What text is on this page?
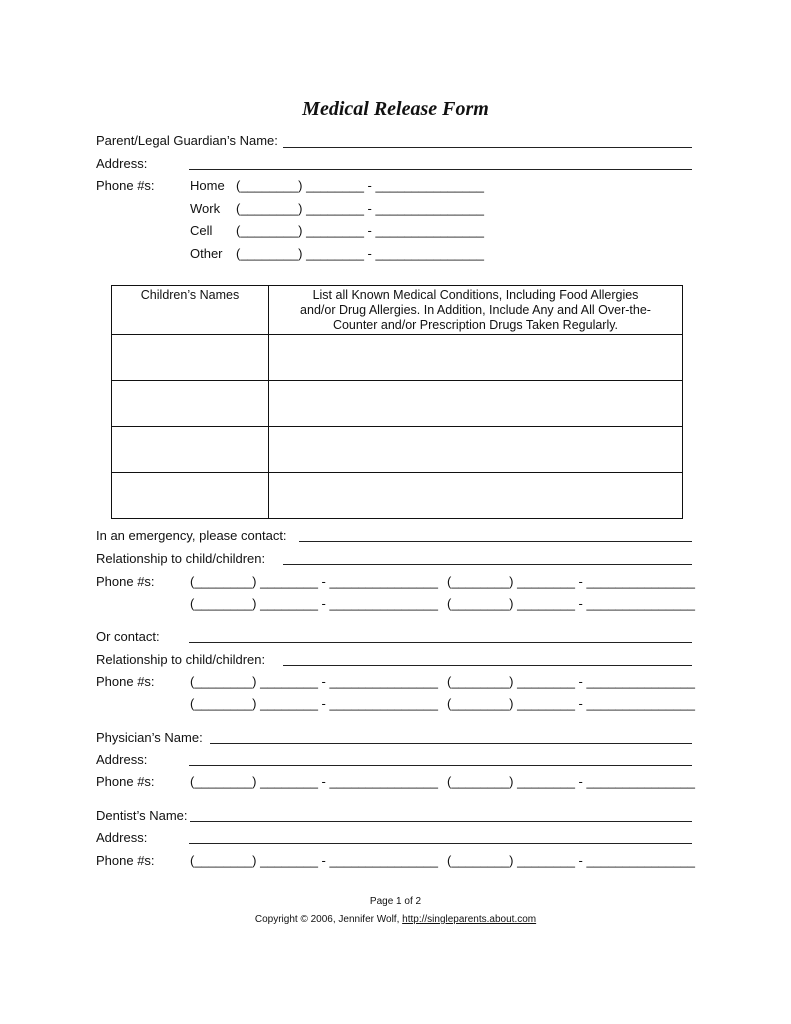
Medical Release Form
Parent/Legal Guardian’s Name:
Address:
Phone #s:	Home (________) ________ - _______________
Work (________) ________ - _______________
Cell (________) ________ - _______________
Other (________) ________ - _______________
Children’s Names	List all Known Medical Conditions, Including Food Allergies and/or Drug Allergies. In Addition, Include Any and All Over-the-Counter and/or Prescription Drugs Taken Regularly.

In an emergency, please contact:
Relationship to child/children:
Phone #s:	(________) ________ - _______________ (________) ________ - _______________
(________) ________ - _______________ (________) ________ - _______________
Or contact:
Relationship to child/children:
Phone #s:	(________) ________ - _______________ (________) ________ - _______________
(________) ________ - _______________ (________) ________ - _______________
Physician’s Name:
Address:
Phone #s:	(________) ________ - _______________ (________) ________ - _______________
Dentist’s Name:
Address:
Phone #s:	(________) ________ - _______________ (________) ________ - _______________
Page 1 of 2
Copyright © 2006, Jennifer Wolf, http://singleparents.about.com
